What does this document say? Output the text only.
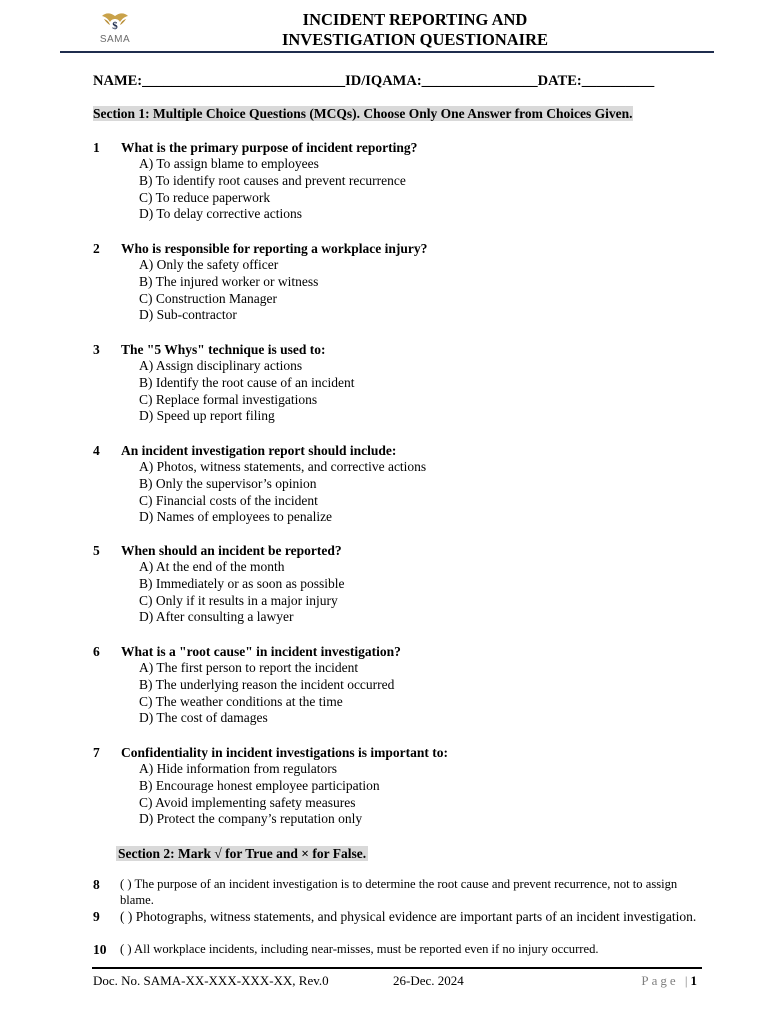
$
SAMA
INCIDENT REPORTING AND INVESTIGATION QUESTIONAIRE
NAME:____________________________ID/IQAMA:________________DATE:__________
Section 1: Multiple Choice Questions (MCQs). Choose Only One Answer from Choices Given.
1 What is the primary purpose of incident reporting?
A) To assign blame to employees
B) To identify root causes and prevent recurrence
C) To reduce paperwork
D) To delay corrective actions
2 Who is responsible for reporting a workplace injury?
A) Only the safety officer
B) The injured worker or witness
C) Construction Manager
D) Sub-contractor
3 The "5 Whys" technique is used to:
A) Assign disciplinary actions
B) Identify the root cause of an incident
C) Replace formal investigations
D) Speed up report filing
4 An incident investigation report should include:
A) Photos, witness statements, and corrective actions
B) Only the supervisor’s opinion
C) Financial costs of the incident
D) Names of employees to penalize
5 When should an incident be reported?
A) At the end of the month
B) Immediately or as soon as possible
C) Only if it results in a major injury
D) After consulting a lawyer
6 What is a "root cause" in incident investigation?
A) The first person to report the incident
B) The underlying reason the incident occurred
C) The weather conditions at the time
D) The cost of damages
7 Confidentiality in incident investigations is important to:
A) Hide information from regulators
B) Encourage honest employee participation
C) Avoid implementing safety measures
D) Protect the company’s reputation only
Section 2: Mark √ for True and × for False.
8 ( ) The purpose of an incident investigation is to determine the root cause and prevent recurrence, not to assign blame.
9 ( ) Photographs, witness statements, and physical evidence are important parts of an incident investigation.
10 ( ) All workplace incidents, including near-misses, must be reported even if no injury occurred.
Doc. No. SAMA-XX-XXX-XXX-XX, Rev.0	26-Dec. 2024	Page |1
